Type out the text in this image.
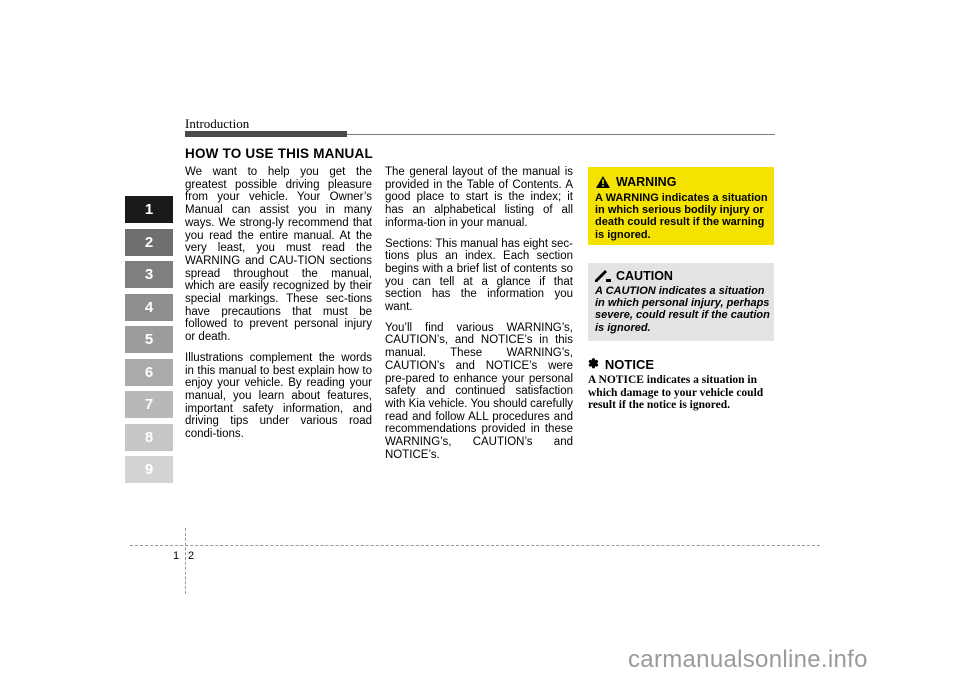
Introduction
1
2
3
4
5
6
7
8
9
HOW TO USE THIS MANUAL

We want to help you get the greatest possible driving pleasure from your vehicle. Your Owner’s Manual can assist you in many ways. We strong-ly recommend that you read the entire manual. At the very least, you must read the WARNING and CAU-TION sections spread throughout the manual, which are easily recognized by their special markings. These sec-tions have precautions that must be followed to prevent personal injury or death.

Illustrations complement the words in this manual to best explain how to enjoy your vehicle. By reading your manual, you learn about features, important safety information, and driving tips under various road condi-tions.

The general layout of the manual is provided in the Table of Contents. A good place to start is the index; it has an alphabetical listing of all informa-tion in your manual.

Sections: This manual has eight sec-tions plus an index. Each section begins with a brief list of contents so you can tell at a glance if that section has the information you want.

You’ll find various WARNING’s, CAUTION’s, and NOTICE’s in this manual. These WARNING’s, CAUTION’s and NOTICE’s were pre-pared to enhance your personal safety and continued satisfaction with Kia vehicle. You should carefully read and follow ALL procedures and recommendations provided in these WARNING’s, CAUTION’s and NOTICE’s.

WARNING
A WARNING indicates a situation in which serious bodily injury or death could result if the warning is ignored.
CAUTION
A CAUTION indicates a situation in which personal injury, perhaps severe, could result if the caution is ignored.
✽ NOTICE
A NOTICE indicates a situation in which damage to your vehicle could result if the notice is ignored.
1 2
carmanualsonline.info
